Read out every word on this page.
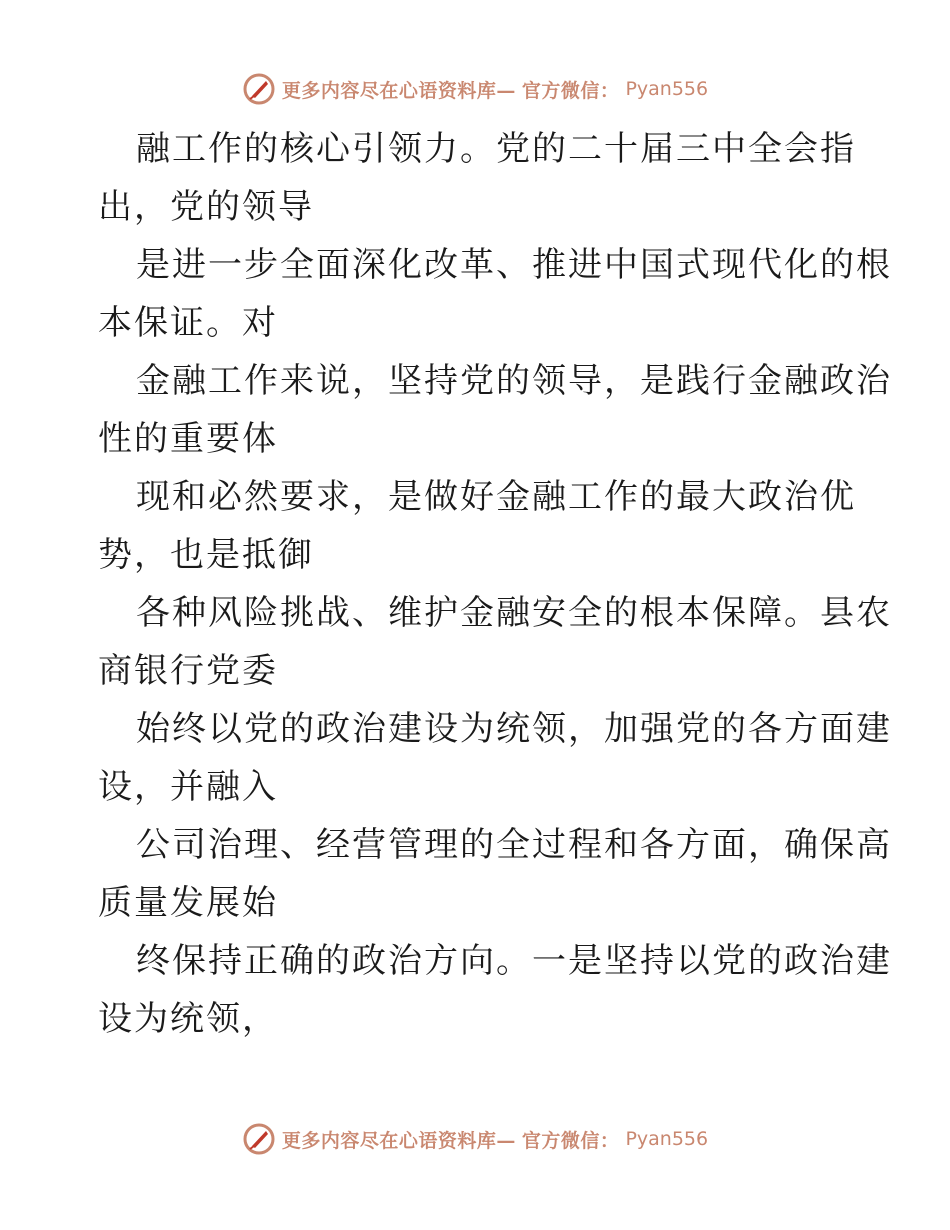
更多内容尽在心语资料库— 官方微信： Pyan556

融工作的核心引领力。党的二十届三中全会指
出，党的领导

是进一步全面深化改革、推进中国式现代化的根
本保证。对

金融工作来说，坚持党的领导，是践行金融政治
性的重要体

现和必然要求，是做好金融工作的最大政治优
势，也是抵御

各种风险挑战、维护金融安全的根本保障。县农
商银行党委

始终以党的政治建设为统领，加强党的各方面建
设，并融入

公司治理、经营管理的全过程和各方面，确保高
质量发展始

终保持正确的政治方向。一是坚持以党的政治建
设为统领，

更多内容尽在心语资料库— 官方微信： Pyan556
